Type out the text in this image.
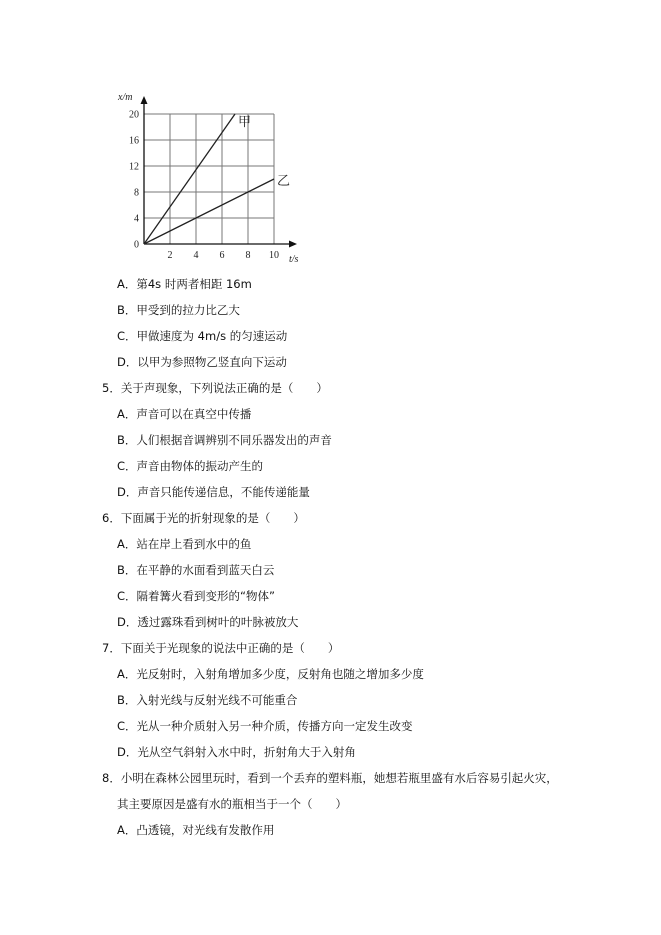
2 4 6 8 10
0
4
8
12
16
20
t/s
x/m
甲
乙
A．第4s 时两者相距 16m
B．甲受到的拉力比乙大
C．甲做速度为 4m/s 的匀速运动
D．以甲为参照物乙竖直向下运动
5．关于声现象，下列说法正确的是（　　）
A．声音可以在真空中传播
B．人们根据音调辨别不同乐器发出的声音
C．声音由物体的振动产生的
D．声音只能传递信息，不能传递能量
6．下面属于光的折射现象的是（　　）
A．站在岸上看到水中的鱼
B．在平静的水面看到蓝天白云
C．隔着篝火看到变形的“物体”
D．透过露珠看到树叶的叶脉被放大
7．下面关于光现象的说法中正确的是（　　）
A．光反射时，入射角增加多少度，反射角也随之增加多少度
B．入射光线与反射光线不可能重合
C．光从一种介质射入另一种介质，传播方向一定发生改变
D．光从空气斜射入水中时，折射角大于入射角
8．小明在森林公园里玩时，看到一个丢弃的塑料瓶，她想若瓶里盛有水后容易引起火灾，
其主要原因是盛有水的瓶相当于一个（　　）
A．凸透镜，对光线有发散作用
